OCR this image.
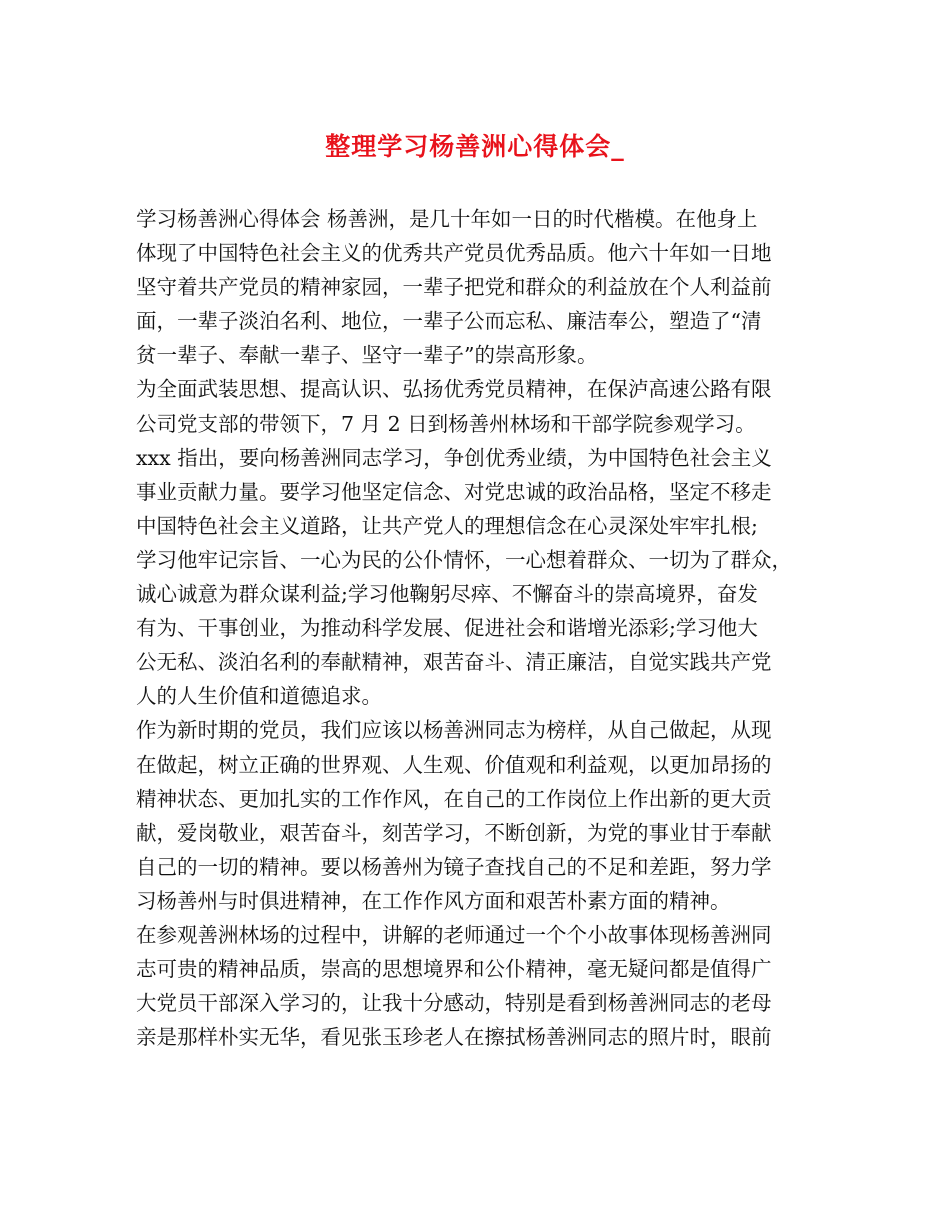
整理学习杨善洲心得体会_
学习杨善洲心得体会 杨善洲，是几十年如一日的时代楷模。在他身上
体现了中国特色社会主义的优秀共产党员优秀品质。他六十年如一日地
坚守着共产党员的精神家园，一辈子把党和群众的利益放在个人利益前
面，一辈子淡泊名利、地位，一辈子公而忘私、廉洁奉公，塑造了“清
贫一辈子、奉献一辈子、坚守一辈子”的崇高形象。
为全面武装思想、提高认识、弘扬优秀党员精神，在保泸高速公路有限
公司党支部的带领下，7 月 2 日到杨善州林场和干部学院参观学习。
xxx 指出，要向杨善洲同志学习，争创优秀业绩，为中国特色社会主义
事业贡献力量。要学习他坚定信念、对党忠诚的政治品格，坚定不移走
中国特色社会主义道路，让共产党人的理想信念在心灵深处牢牢扎根;
学习他牢记宗旨、一心为民的公仆情怀，一心想着群众、一切为了群众，
诚心诚意为群众谋利益;学习他鞠躬尽瘁、不懈奋斗的崇高境界，奋发
有为、干事创业，为推动科学发展、促进社会和谐增光添彩;学习他大
公无私、淡泊名利的奉献精神，艰苦奋斗、清正廉洁，自觉实践共产党
人的人生价值和道德追求。
作为新时期的党员，我们应该以杨善洲同志为榜样，从自己做起，从现
在做起，树立正确的世界观、人生观、价值观和利益观，以更加昂扬的
精神状态、更加扎实的工作作风，在自己的工作岗位上作出新的更大贡
献，爱岗敬业，艰苦奋斗，刻苦学习，不断创新，为党的事业甘于奉献
自己的一切的精神。要以杨善州为镜子查找自己的不足和差距，努力学
习杨善州与时俱进精神，在工作作风方面和艰苦朴素方面的精神。
在参观善洲林场的过程中，讲解的老师通过一个个小故事体现杨善洲同
志可贵的精神品质，崇高的思想境界和公仆精神，毫无疑问都是值得广
大党员干部深入学习的，让我十分感动，特别是看到杨善洲同志的老母
亲是那样朴实无华，看见张玉珍老人在擦拭杨善洲同志的照片时，眼前
